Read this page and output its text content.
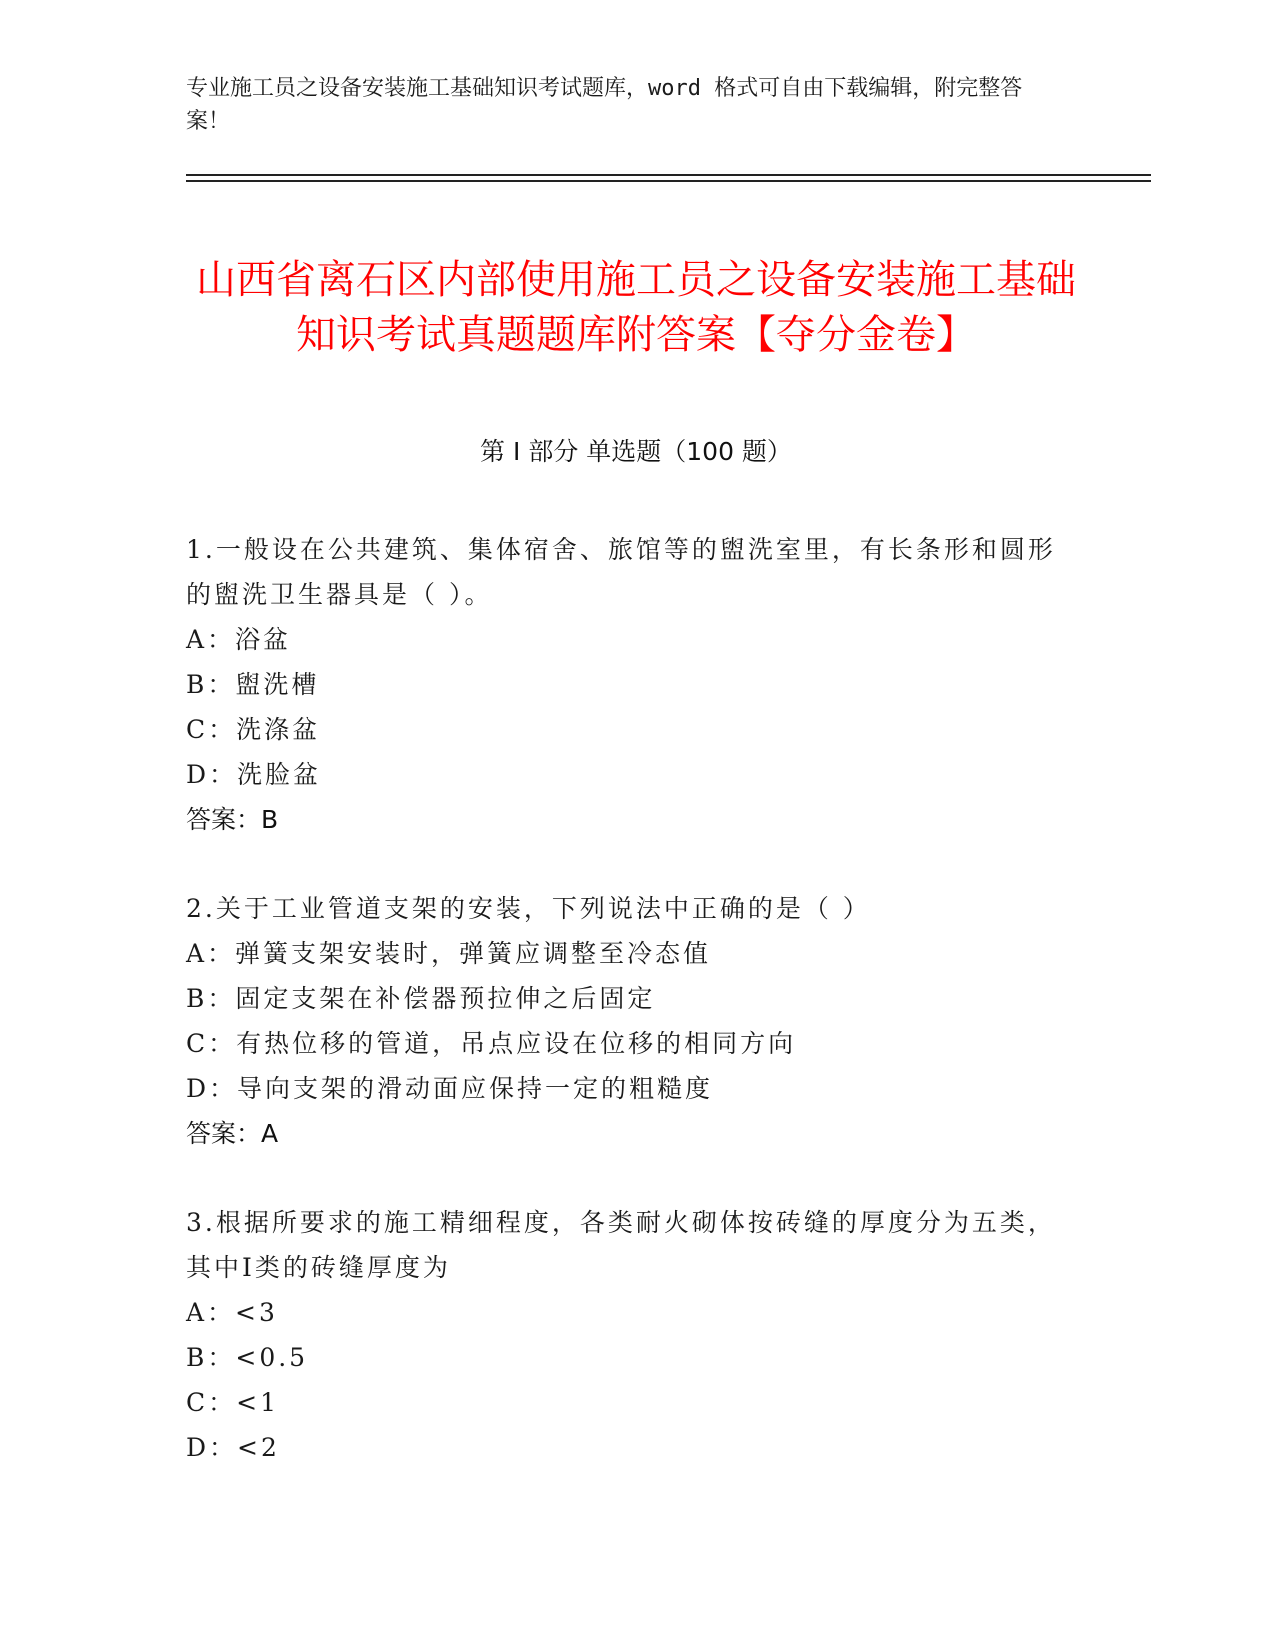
专业施工员之设备安装施工基础知识考试题库，word 格式可自由下载编辑，附完整答案！
山西省离石区内部使用施工员之设备安装施工基础知识考试真题题库附答案【夺分金卷】
第 I 部分 单选题（100 题）
1.一般设在公共建筑、集体宿舍、旅馆等的盥洗室里，有长条形和圆形的盥洗卫生器具是（ ）。
A：浴盆
B：盥洗槽
C：洗涤盆
D：洗脸盆
答案：B
2.关于工业管道支架的安装，下列说法中正确的是（ ）
A：弹簧支架安装时，弹簧应调整至冷态值
B：固定支架在补偿器预拉伸之后固定
C：有热位移的管道，吊点应设在位移的相同方向
D：导向支架的滑动面应保持一定的粗糙度
答案：A
3.根据所要求的施工精细程度，各类耐火砌体按砖缝的厚度分为五类，其中Ⅰ类的砖缝厚度为
A：<3
B：<0.5
C：<1
D：<2
